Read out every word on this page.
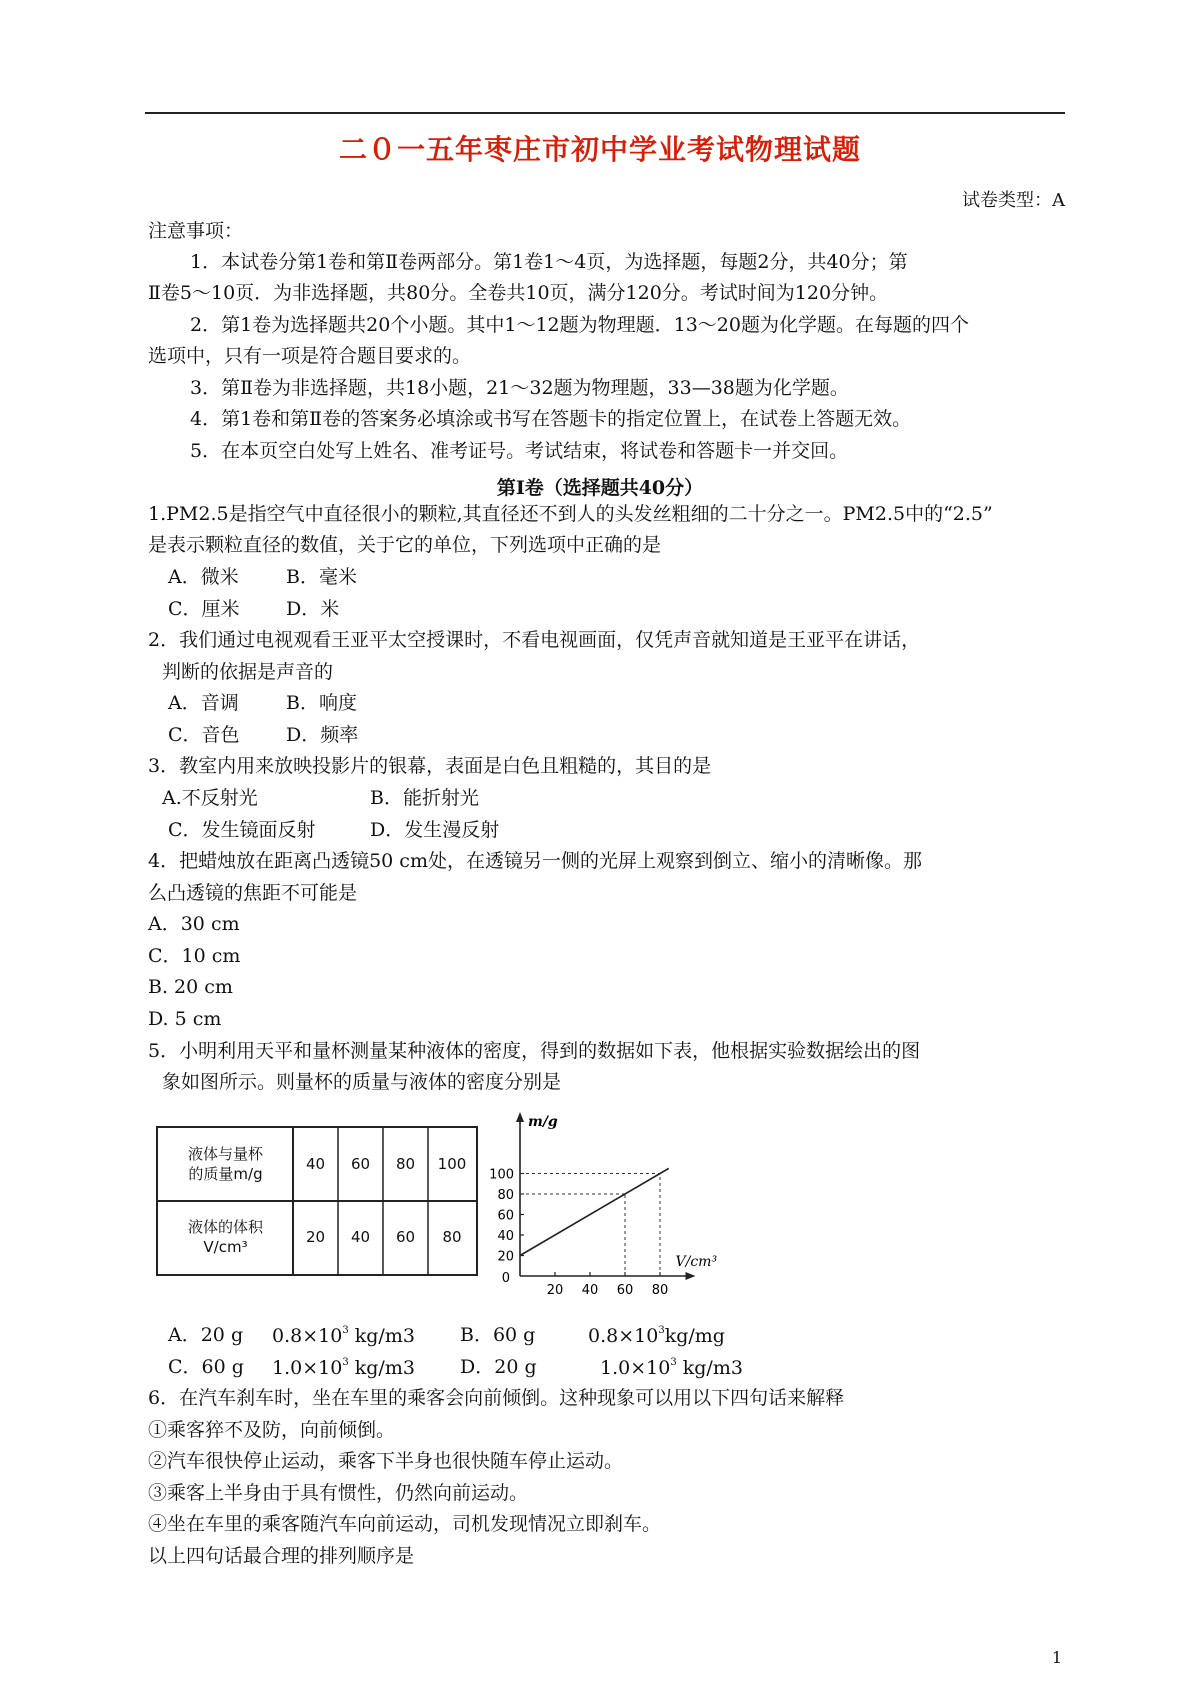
二０一五年枣庄市初中学业考试物理试题
试卷类型：A
注意事项：
1．本试卷分第1卷和第Ⅱ卷两部分。第1卷1～4页，为选择题，每题2分，共40分；第
Ⅱ卷5～10页．为非选择题，共80分。全卷共10页，满分120分。考试时间为120分钟。
2．第1卷为选择题共20个小题。其中1～12题为物理题．13～20题为化学题。在每题的四个
选项中，只有一项是符合题目要求的。
3．第Ⅱ卷为非选择题，共18小题，21～32题为物理题，33—38题为化学题。
4．第1卷和第Ⅱ卷的答案务必填涂或书写在答题卡的指定位置上，在试卷上答题无效。
5．在本页空白处写上姓名、准考证号。考试结束，将试卷和答题卡一并交回。
第Ⅰ卷（选择题共40分）
1.PM2.5是指空气中直径很小的颗粒,其直径还不到人的头发丝粗细的二十分之一。PM2.5中的“2.5”
是表示颗粒直径的数值，关于它的单位，下列选项中正确的是
A．微米 B．毫米
C．厘米 D．米
2．我们通过电视观看王亚平太空授课时，不看电视画面，仅凭声音就知道是王亚平在讲话，
判断的依据是声音的
A．音调 B．响度
C．音色 D．频率
3．教室内用来放映投影片的银幕，表面是白色且粗糙的，其目的是
A.不反射光	B．能折射光
C．发生镜面反射	D．发生漫反射
4．把蜡烛放在距离凸透镜50 cm处，在透镜另一侧的光屏上观察到倒立、缩小的清晰像。那
么凸透镜的焦距不可能是
A．30 cm
C．10 cm
B. 20 cm
D. 5 cm
5．小明利用天平和量杯测量某种液体的密度，得到的数据如下表，他根据实验数据绘出的图
象如图所示。则量杯的质量与液体的密度分别是
液体与量杯
的质量m/g
40	60	80	100
液体的体积
V/cm³
20	40	60	80
20 40 60 80
20
40
60
80
100
0
m/g
V/cm³
A．20 g $0.8\times 10^3$ kg/m3 B．60 g	$0.8\times 10^3kg/mg$
C．60 g $1.0\times 10^3$ kg/m3 D．20 g	$1.0\times 10^3$ kg/m3
6．在汽车刹车时，坐在车里的乘客会向前倾倒。这种现象可以用以下四句话来解释
①乘客猝不及防，向前倾倒。
②汽车很快停止运动，乘客下半身也很快随车停止运动。
③乘客上半身由于具有惯性，仍然向前运动。
④坐在车里的乘客随汽车向前运动，司机发现情况立即刹车。
以上四句话最合理的排列顺序是
1
